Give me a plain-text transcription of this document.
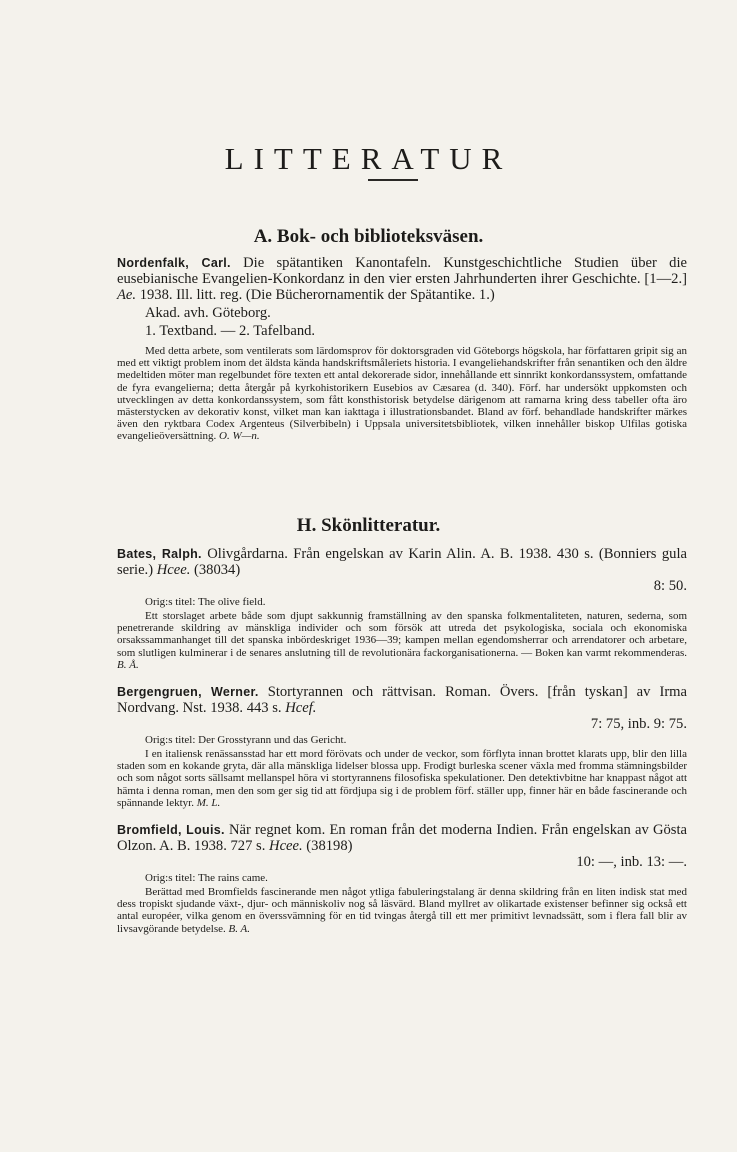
LITTERATUR
A. Bok- och biblioteksväsen.

Nordenfalk, Carl. Die spätantiken Kanontafeln. Kunstgeschichtliche Studien über die eusebianische Evangelien-Konkordanz in den vier ersten Jahrhunderten ihrer Geschichte. [1—2.] Ae. 1938. Ill. litt. reg. (Die Bücherornamentik der Spätantike. 1.)

Akad. avh. Göteborg.

1. Textband. — 2. Tafelband.

Med detta arbete, som ventilerats som lärdomsprov för doktorsgraden vid Göteborgs högskola, har författaren gripit sig an med ett viktigt problem inom det äldsta kända handskriftsmåleriets historia. I evangeliehandskrifter från senantiken och den äldre medeltiden möter man regelbundet före texten ett antal dekorerade sidor, innehållande ett sinnrikt konkordanssystem, omfattande de fyra evangelierna; detta återgår på kyrkohistorikern Eusebios av Cæsarea (d. 340). Förf. har undersökt uppkomsten och utvecklingen av detta konkordanssystem, som fått konsthistorisk betydelse därigenom att ramarna kring dess tabeller ofta äro mästerstycken av dekorativ konst, vilket man kan iakttaga i illustrationsbandet. Bland av förf. behandlade handskrifter märkes även den ryktbara Codex Argenteus (Silverbibeln) i Uppsala universitetsbibliotek, vilken innehåller biskop Ulfilas gotiska evangelieöversättning. O. W—n.

H. Skönlitteratur.

Bates, Ralph. Olivgårdarna. Från engelskan av Karin Alin. A. B. 1938. 430 s. (Bonniers gula serie.) Hcee. (38034)
8: 50.

Orig:s titel: The olive field.

Ett storslaget arbete både som djupt sakkunnig framställning av den spanska folkmentaliteten, naturen, sederna, som penetrerande skildring av mänskliga individer och som försök att utreda det psykologiska, sociala och ekonomiska orsakssammanhanget till det spanska inbördeskriget 1936—39; kampen mellan egendomsherrar och arrendatorer och arbetare, som slutligen kulminerar i de senares anslutning till de revolutionära fackorganisationerna. — Boken kan varmt rekommenderas. B. Å.

Bergengruen, Werner. Stortyrannen och rättvisan. Roman. Övers. [från tyskan] av Irma Nordvang. Nst. 1938. 443 s. Hcef.
7: 75, inb. 9: 75.

Orig:s titel: Der Grosstyrann und das Gericht.

I en italiensk renässansstad har ett mord förövats och under de veckor, som förflyta innan brottet klarats upp, blir den lilla staden som en kokande gryta, där alla mänskliga lidelser blossa upp. Frodigt burleska scener växla med fromma stämningsbilder och som något sorts sällsamt mellanspel höra vi stortyrannens filosofiska spekulationer. Den detektivbitne har knappast något att hämta i denna roman, men den som ger sig tid att fördjupa sig i de problem förf. ställer upp, finner här en både fascinerande och spännande lektyr. M. L.

Bromfield, Louis. När regnet kom. En roman från det moderna Indien. Från engelskan av Gösta Olzon. A. B. 1938. 727 s. Hcee. (38198)
10: —, inb. 13: —.

Orig:s titel: The rains came.

Berättad med Bromfields fascinerande men något ytliga fabuleringstalang är denna skildring från en liten indisk stat med dess tropiskt sjudande växt-, djur- och människoliv nog så läsvärd. Bland myllret av olikartade existenser befinner sig också ett antal européer, vilka genom en överssvämning för en tid tvingas återgå till ett mer primitivt levnadssätt, som i flera fall blir av livsavgörande betydelse. B. A.
